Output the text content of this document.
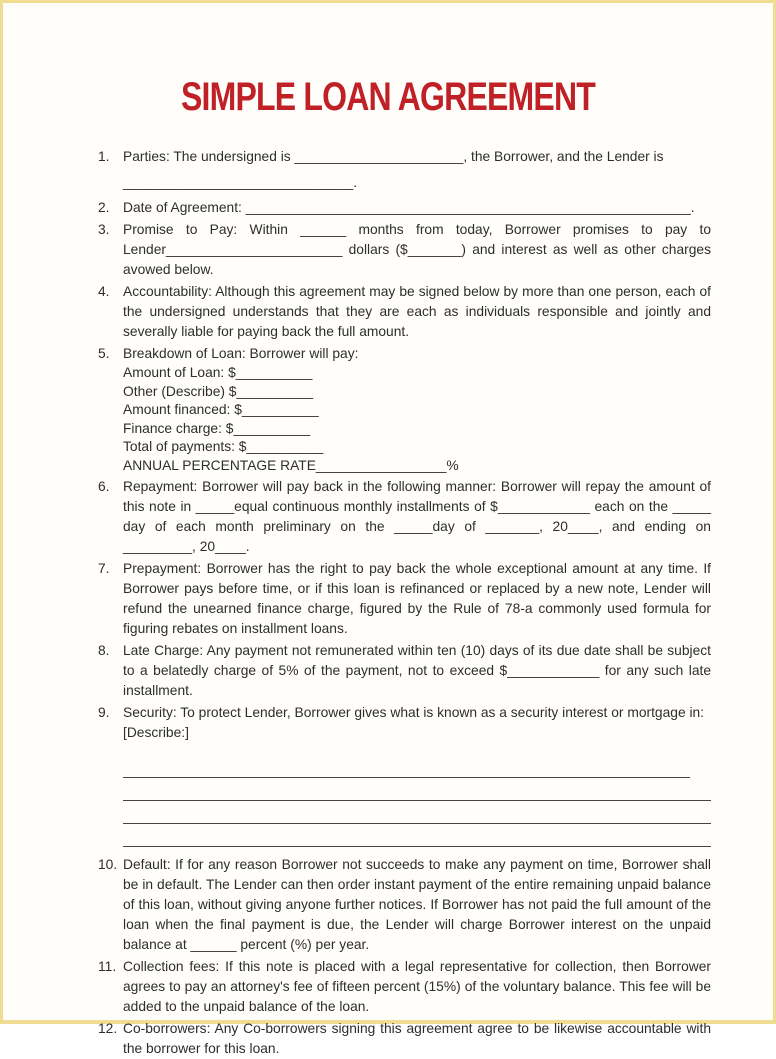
SIMPLE LOAN AGREEMENT
1. Parties: The undersigned is ______________________, the Borrower, and the Lender is ______________________________.

2. Date of Agreement: __________________________________________________________.

3. Promise to Pay: Within ______ months from today, Borrower promises to pay to Lender_______________________ dollars ($_______) and interest as well as other charges avowed below.

4. Accountability: Although this agreement may be signed below by more than one person, each of the undersigned understands that they are each as individuals responsible and jointly and severally liable for paying back the full amount.

5. Breakdown of Loan: Borrower will pay:

Amount of Loan: $__________
Other (Describe) $__________
Amount financed: $__________
Finance charge: $__________
Total of payments: $__________
ANNUAL PERCENTAGE RATE_________________%
6. Repayment: Borrower will pay back in the following manner: Borrower will repay the amount of this note in _____equal continuous monthly installments of $____________ each on the _____ day of each month preliminary on the _____day of _______, 20____, and ending on _________, 20____.

7. Prepayment: Borrower has the right to pay back the whole exceptional amount at any time. If Borrower pays before time, or if this loan is refinanced or replaced by a new note, Lender will refund the unearned finance charge, figured by the Rule of 78-a commonly used formula for figuring rebates on installment loans.

8. Late Charge: Any payment not remunerated within ten (10) days of its due date shall be subject to a belatedly charge of 5% of the payment, not to exceed $____________ for any such late installment.

9. Security: To protect Lender, Borrower gives what is known as a security interest or mortgage in: [Describe:]

10. Default: If for any reason Borrower not succeeds to make any payment on time, Borrower shall be in default. The Lender can then order instant payment of the entire remaining unpaid balance of this loan, without giving anyone further notices. If Borrower has not paid the full amount of the loan when the final payment is due, the Lender will charge Borrower interest on the unpaid balance at ______ percent (%) per year.

11. Collection fees: If this note is placed with a legal representative for collection, then Borrower agrees to pay an attorney's fee of fifteen percent (15%) of the voluntary balance. This fee will be added to the unpaid balance of the loan.

12. Co-borrowers: Any Co-borrowers signing this agreement agree to be likewise accountable with the borrower for this loan.
